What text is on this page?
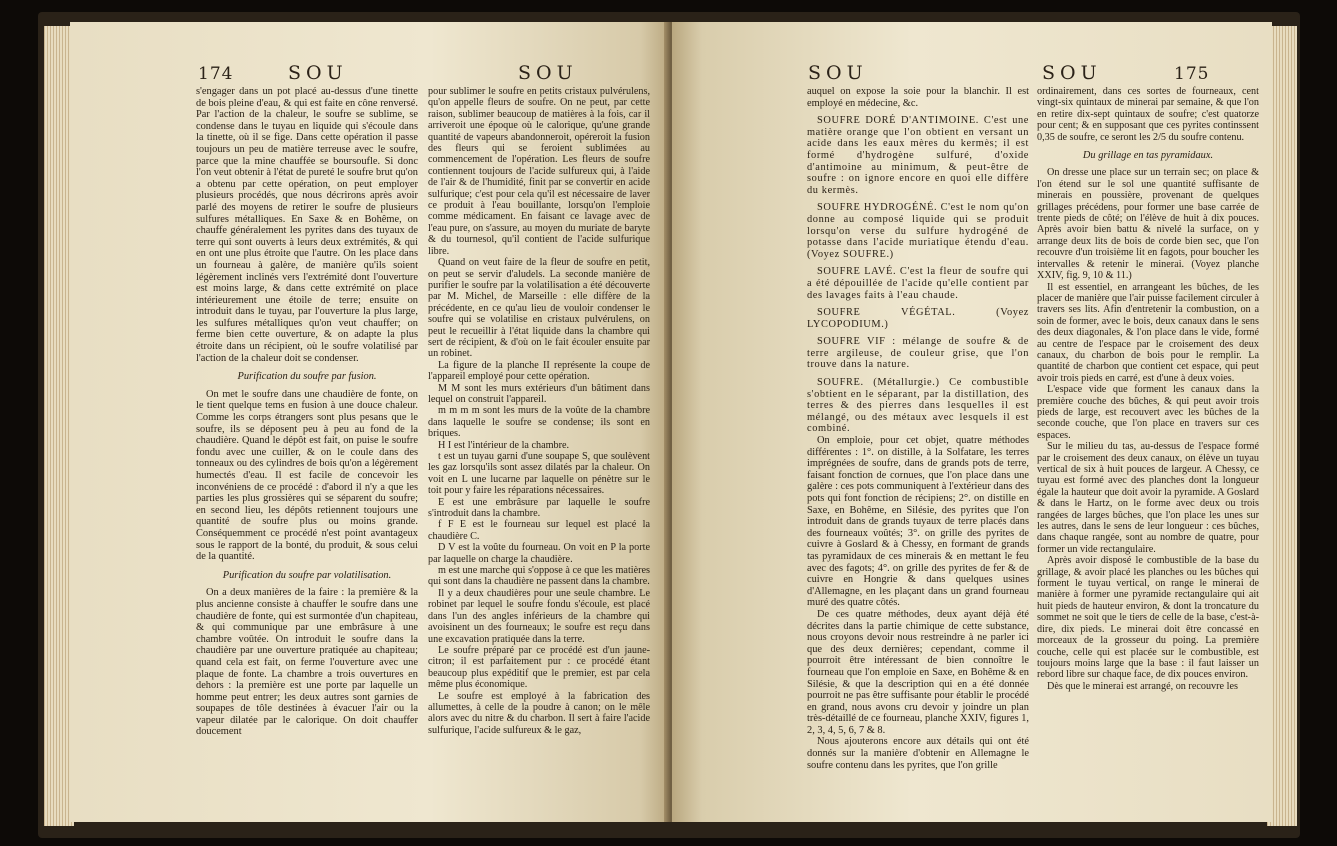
174	SOU	SOU

s'engager dans un pot placé au-dessus d'une tinette de bois pleine d'eau, & qui est faite en cône renversé. Par l'action de la chaleur, le soufre se sublime, se condense dans le tuyau en liquide qui s'écoule dans la tinette, où il se fige. Dans cette opération il passe toujours un peu de matière terreuse avec le soufre, parce que la mine chauffée se boursoufle. Si donc l'on veut obtenir à l'état de pureté le soufre brut qu'on a obtenu par cette opération, on peut employer plusieurs procédés, que nous décrirons après avoir parlé des moyens de retirer le soufre de plusieurs sulfures métalliques. En Saxe & en Bohême, on chauffe généralement les pyrites dans des tuyaux de terre qui sont ouverts à leurs deux extrémités, & qui en ont une plus étroite que l'autre. On les place dans un fourneau à galère, de manière qu'ils soient légèrement inclinés vers l'extrémité dont l'ouverture est moins large, & dans cette extrémité on place intérieurement une étoile de terre; ensuite on introduit dans le tuyau, par l'ouverture la plus large, les sulfures métalliques qu'on veut chauffer; on ferme bien cette ouverture, & on adapte la plus étroite dans un récipient, où le soufre volatilisé par l'action de la chaleur doit se condenser.

Purification du soufre par fusion.

On met le soufre dans une chaudière de fonte, on le tient quelque tems en fusion à une douce chaleur. Comme les corps étrangers sont plus pesans que le soufre, ils se déposent peu à peu au fond de la chaudière. Quand le dépôt est fait, on puise le soufre fondu avec une cuiller, & on le coule dans des tonneaux ou des cylindres de bois qu'on a légèrement humectés d'eau. Il est facile de concevoir les inconvéniens de ce procédé : d'abord il n'y a que les parties les plus grossières qui se séparent du soufre; en second lieu, les dépôts retiennent toujours une quantité de soufre plus ou moins grande. Conséquemment ce procédé n'est point avantageux sous le rapport de la bonté, du produit, & sous celui de la quantité.

Purification du soufre par volatilisation.

On a deux manières de la faire : la première & la plus ancienne consiste à chauffer le soufre dans une chaudière de fonte, qui est surmontée d'un chapiteau, & qui communique par une embrâsure à une chambre voûtée. On introduit le soufre dans la chaudière par une ouverture pratiquée au chapiteau; quand cela est fait, on ferme l'ouverture avec une plaque de fonte. La chambre a trois ouvertures en dehors : la première est une porte par laquelle un homme peut entrer; les deux autres sont garnies de soupapes de tôle destinées à évacuer l'air ou la vapeur dilatée par le calorique. On doit chauffer doucement

pour sublimer le soufre en petits cristaux pulvérulens, qu'on appelle fleurs de soufre. On ne peut, par cette raison, sublimer beaucoup de matières à la fois, car il arriveroit une époque où le calorique, qu'une grande quantité de vapeurs abandonneroit, opéreroit la fusion des fleurs qui se feroient sublimées au commencement de l'opération. Les fleurs de soufre contiennent toujours de l'acide sulfureux qui, à l'aide de l'air & de l'humidité, finit par se convertir en acide sulfurique; c'est pour cela qu'il est nécessaire de laver ce produit à l'eau bouillante, lorsqu'on l'emploie comme médicament. En faisant ce lavage avec de l'eau pure, on s'assure, au moyen du muriate de baryte & du tournesol, qu'il contient de l'acide sulfurique libre.

Quand on veut faire de la fleur de soufre en petit, on peut se servir d'aludels. La seconde manière de purifier le soufre par la volatilisation a été découverte par M. Michel, de Marseille : elle diffère de la précédente, en ce qu'au lieu de vouloir condenser le soufre qui se volatilise en cristaux pulvérulens, on peut le recueillir à l'état liquide dans la chambre qui sert de récipient, & d'où on le fait écouler ensuite par un robinet.

La figure de la planche II représente la coupe de l'appareil employé pour cette opération.

M M sont les murs extérieurs d'un bâtiment dans lequel on construit l'appareil.

m m m m sont les murs de la voûte de la chambre dans laquelle le soufre se condense; ils sont en briques.

H I est l'intérieur de la chambre.

t est un tuyau garni d'une soupape S, que soulèvent les gaz lorsqu'ils sont assez dilatés par la chaleur. On voit en L une lucarne par laquelle on pénètre sur le toit pour y faire les réparations nécessaires.

E est une embrâsure par laquelle le soufre s'introduit dans la chambre.

f F E est le fourneau sur lequel est placé la chaudière C.

D V est la voûte du fourneau. On voit en P la porte par laquelle on charge la chaudière.

m est une marche qui s'oppose à ce que les matières qui sont dans la chaudière ne passent dans la chambre.

Il y a deux chaudières pour une seule chambre. Le robinet par lequel le soufre fondu s'écoule, est placé dans l'un des angles inférieurs de la chambre qui avoisinent un des fourneaux; le soufre est reçu dans une excavation pratiquée dans la terre.

Le soufre préparé par ce procédé est d'un jaune-citron; il est parfaitement pur : ce procédé étant beaucoup plus expéditif que le premier, est par cela même plus économique.

Le soufre est employé à la fabrication des allumettes, à celle de la poudre à canon; on le mêle alors avec du nitre & du charbon. Il sert à faire l'acide sulfurique, l'acide sulfureux & le gaz,

SOU	SOU	175

auquel on expose la soie pour la blanchir. Il est employé en médecine, &c.

SOUFRE DORÉ D'ANTIMOINE. C'est une matière orange que l'on obtient en versant un acide dans les eaux mères du kermès; il est formé d'hydrogène sulfuré, d'oxide d'antimoine au minimum, & peut-être de soufre : on ignore encore en quoi elle diffère du kermès.

SOUFRE HYDROGÉNÉ. C'est le nom qu'on donne au composé liquide qui se produit lorsqu'on verse du sulfure hydrogéné de potasse dans l'acide muriatique étendu d'eau. (Voyez SOUFRE.)

SOUFRE LAVÉ. C'est la fleur de soufre qui a été dépouillée de l'acide qu'elle contient par des lavages faits à l'eau chaude.

SOUFRE VÉGÉTAL. (Voyez LYCOPODIUM.)

SOUFRE VIF : mélange de soufre & de terre argileuse, de couleur grise, que l'on trouve dans la nature.

SOUFRE. (Métallurgie.) Ce combustible s'obtient en le séparant, par la distillation, des terres & des pierres dans lesquelles il est mélangé, ou des métaux avec lesquels il est combiné.

On emploie, pour cet objet, quatre méthodes différentes : 1°. on distille, à la Solfatare, les terres imprégnées de soufre, dans de grands pots de terre, faisant fonction de cornues, que l'on place dans une galère : ces pots communiquent à l'extérieur dans des pots qui font fonction de récipiens; 2°. on distille en Saxe, en Bohême, en Silésie, des pyrites que l'on introduit dans de grands tuyaux de terre placés dans des fourneaux voûtés; 3°. on grille des pyrites de cuivre à Goslard & à Chessy, en formant de grands tas pyramidaux de ces minerais & en mettant le feu avec des fagots; 4°. on grille des pyrites de fer & de cuivre en Hongrie & dans quelques usines d'Allemagne, en les plaçant dans un grand fourneau muré des quatre côtés.

De ces quatre méthodes, deux ayant déjà été décrites dans la partie chimique de cette substance, nous croyons devoir nous restreindre à ne parler ici que des deux dernières; cependant, comme il pourroit être intéressant de bien connoître le fourneau que l'on emploie en Saxe, en Bohême & en Silésie, & que la description qui en a été donnée pourroit ne pas être suffisante pour établir le procédé en grand, nous avons cru devoir y joindre un plan très-détaillé de ce fourneau, planche XXIV, figures 1, 2, 3, 4, 5, 6, 7 & 8.

Nous ajouterons encore aux détails qui ont été donnés sur la manière d'obtenir en Allemagne le soufre contenu dans les pyrites, que l'on grille

ordinairement, dans ces sortes de fourneaux, cent vingt-six quintaux de minerai par semaine, & que l'on en retire dix-sept quintaux de soufre; c'est quatorze pour cent; & en supposant que ces pyrites continssent 0,35 de soufre, ce seront les 2/5 du soufre contenu.

Du grillage en tas pyramidaux.

On dresse une place sur un terrain sec; on place & l'on étend sur le sol une quantité suffisante de minerais en poussière, provenant de quelques grillages précédens, pour former une base carrée de trente pieds de côté; on l'élève de huit à dix pouces. Après avoir bien battu & nivelé la surface, on y arrange deux lits de bois de corde bien sec, que l'on recouvre d'un troisième lit en fagots, pour boucher les intervalles & retenir le minerai. (Voyez planche XXIV, fig. 9, 10 & 11.)

Il est essentiel, en arrangeant les bûches, de les placer de manière que l'air puisse facilement circuler à travers ses lits. Afin d'entretenir la combustion, on a soin de former, avec le bois, deux canaux dans le sens des deux diagonales, & l'on place dans le vide, formé au centre de l'espace par le croisement des deux canaux, du charbon de bois pour le remplir. La quantité de charbon que contient cet espace, qui peut avoir trois pieds en carré, est d'une à deux voies.

L'espace vide que forment les canaux dans la première couche des bûches, & qui peut avoir trois pieds de large, est recouvert avec les bûches de la seconde couche, que l'on place en travers sur ces espaces.

Sur le milieu du tas, au-dessus de l'espace formé par le croisement des deux canaux, on élève un tuyau vertical de six à huit pouces de largeur. A Chessy, ce tuyau est formé avec des planches dont la longueur égale la hauteur que doit avoir la pyramide. A Goslard & dans le Hartz, on le forme avec deux ou trois rangées de larges bûches, que l'on place les unes sur les autres, dans le sens de leur longueur : ces bûches, dans chaque rangée, sont au nombre de quatre, pour former un vide rectangulaire.

Après avoir disposé le combustible de la base du grillage, & avoir placé les planches ou les bûches qui forment le tuyau vertical, on range le minerai de manière à former une pyramide rectangulaire qui ait huit pieds de hauteur environ, & dont la troncature du sommet ne soit que le tiers de celle de la base, c'est-à-dire, dix pieds. Le minerai doit être concassé en morceaux de la grosseur du poing. La première couche, celle qui est placée sur le combustible, est toujours moins large que la base : il faut laisser un rebord libre sur chaque face, de dix pouces environ.

Dès que le minerai est arrangé, on recouvre les
